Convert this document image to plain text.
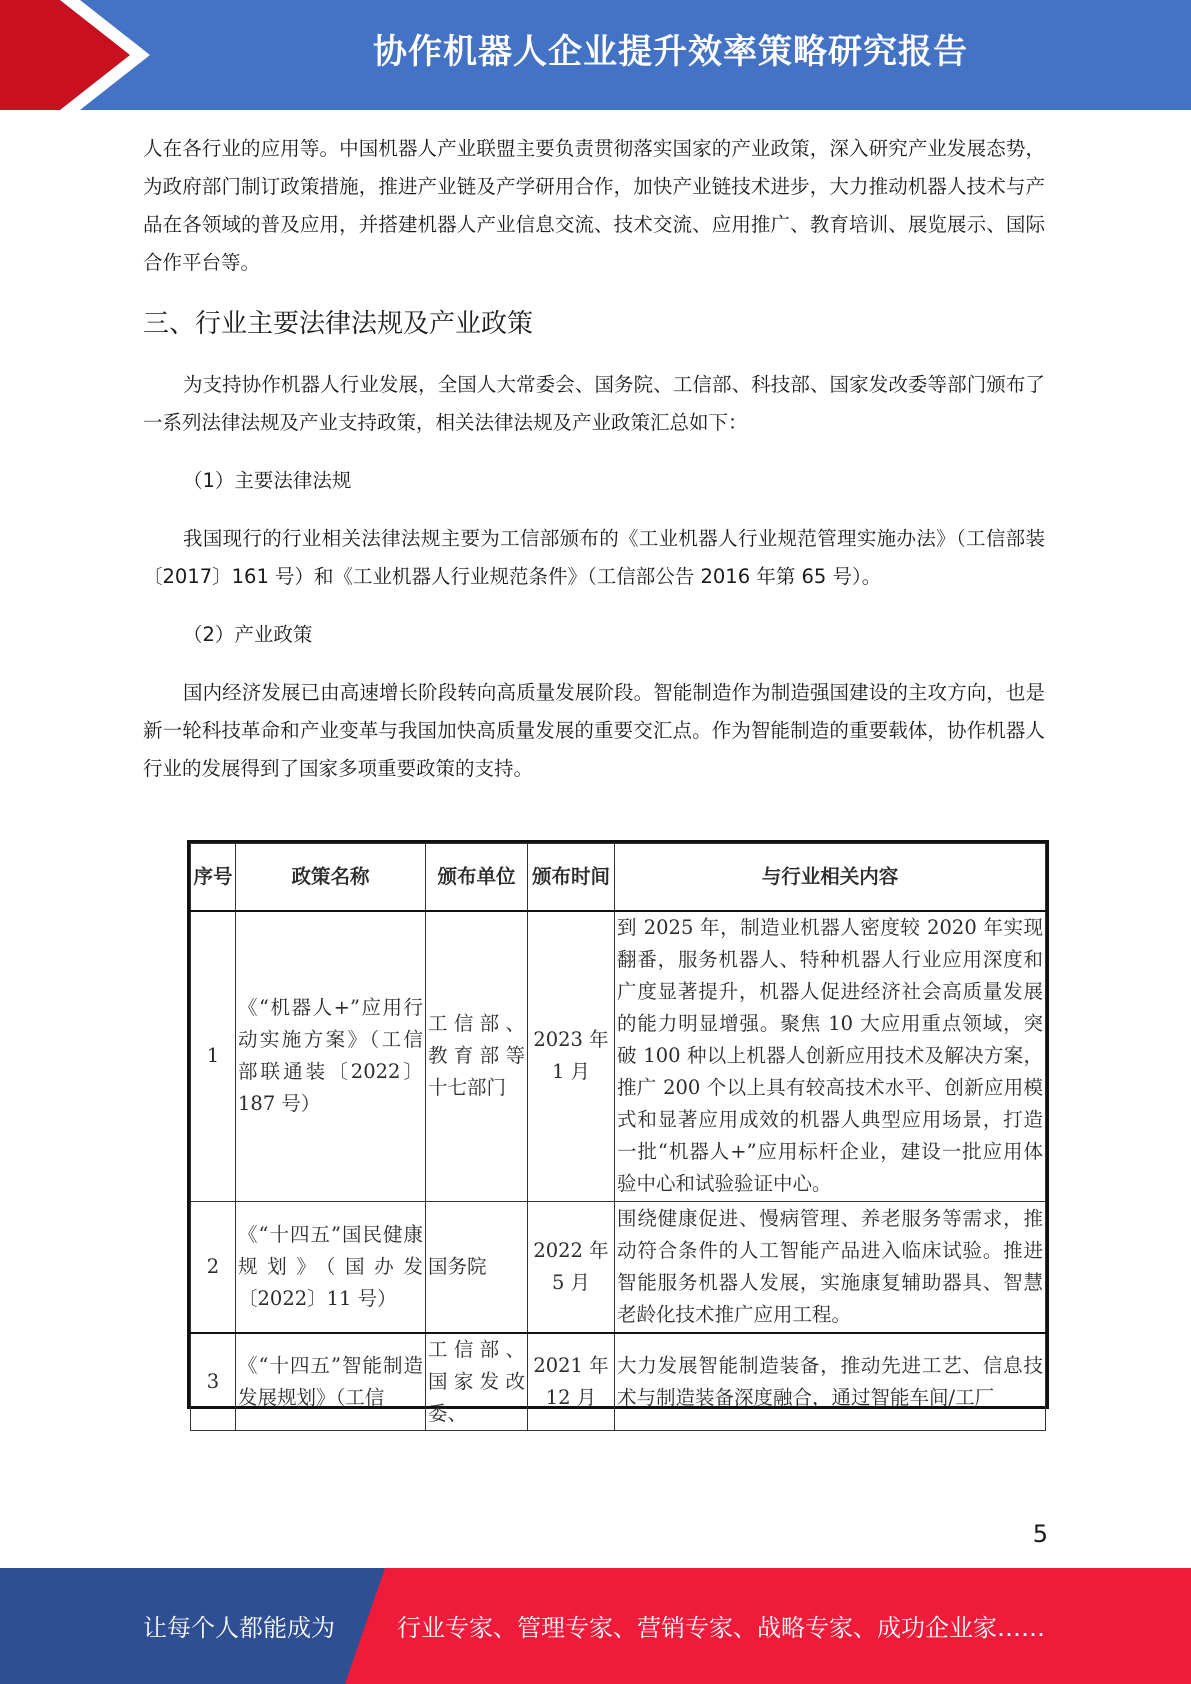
协作机器人企业提升效率策略研究报告

人在各行业的应用等。中国机器人产业联盟主要负责贯彻落实国家的产业政策，深入研究产业发展态势，为政府部门制订政策措施，推进产业链及产学研用合作，加快产业链技术进步，大力推动机器人技术与产品在各领域的普及应用，并搭建机器人产业信息交流、技术交流、应用推广、教育培训、展览展示、国际合作平台等。

三、行业主要法律法规及产业政策

为支持协作机器人行业发展，全国人大常委会、国务院、工信部、科技部、国家发改委等部门颁布了一系列法律法规及产业支持政策，相关法律法规及产业政策汇总如下：

（1）主要法律法规

我国现行的行业相关法律法规主要为工信部颁布的《工业机器人行业规范管理实施办法》（工信部装〔2017〕161 号）和《工业机器人行业规范条件》（工信部公告 2016 年第 65 号）。

（2）产业政策

国内经济发展已由高速增长阶段转向高质量发展阶段。智能制造作为制造强国建设的主攻方向，也是新一轮科技革命和产业变革与我国加快高质量发展的重要交汇点。作为智能制造的重要载体，协作机器人行业的发展得到了国家多项重要政策的支持。

序号	政策名称	颁布单位	颁布时间	与行业相关内容
1	《“机器人+”应用行动实施方案》（工信部联通装〔2022〕187 号）	工信部、教育部等十七部门	2023 年 1 月	到 2025 年，制造业机器人密度较 2020 年实现翻番，服务机器人、特种机器人行业应用深度和广度显著提升，机器人促进经济社会高质量发展的能力明显增强。聚焦 10 大应用重点领域，突破 100 种以上机器人创新应用技术及解决方案，推广 200 个以上具有较高技术水平、创新应用模式和显著应用成效的机器人典型应用场景，打造一批“机器人+”应用标杆企业，建设一批应用体验中心和试验验证中心。
2	《“十四五”国民健康规划》（国办发〔2022〕11 号）	国务院	2022 年 5 月	围绕健康促进、慢病管理、养老服务等需求，推动符合条件的人工智能产品进入临床试验。推进智能服务机器人发展，实施康复辅助器具、智慧老龄化技术推广应用工程。
3	《“十四五”智能制造发展规划》（工信	工信部、国家发改委、	2021 年 12 月	大力发展智能制造装备，推动先进工艺、信息技术与制造装备深度融合，通过智能车间/工厂
5
让每个人都能成为	行业专家、管理专家、营销专家、战略专家、成功企业家……
